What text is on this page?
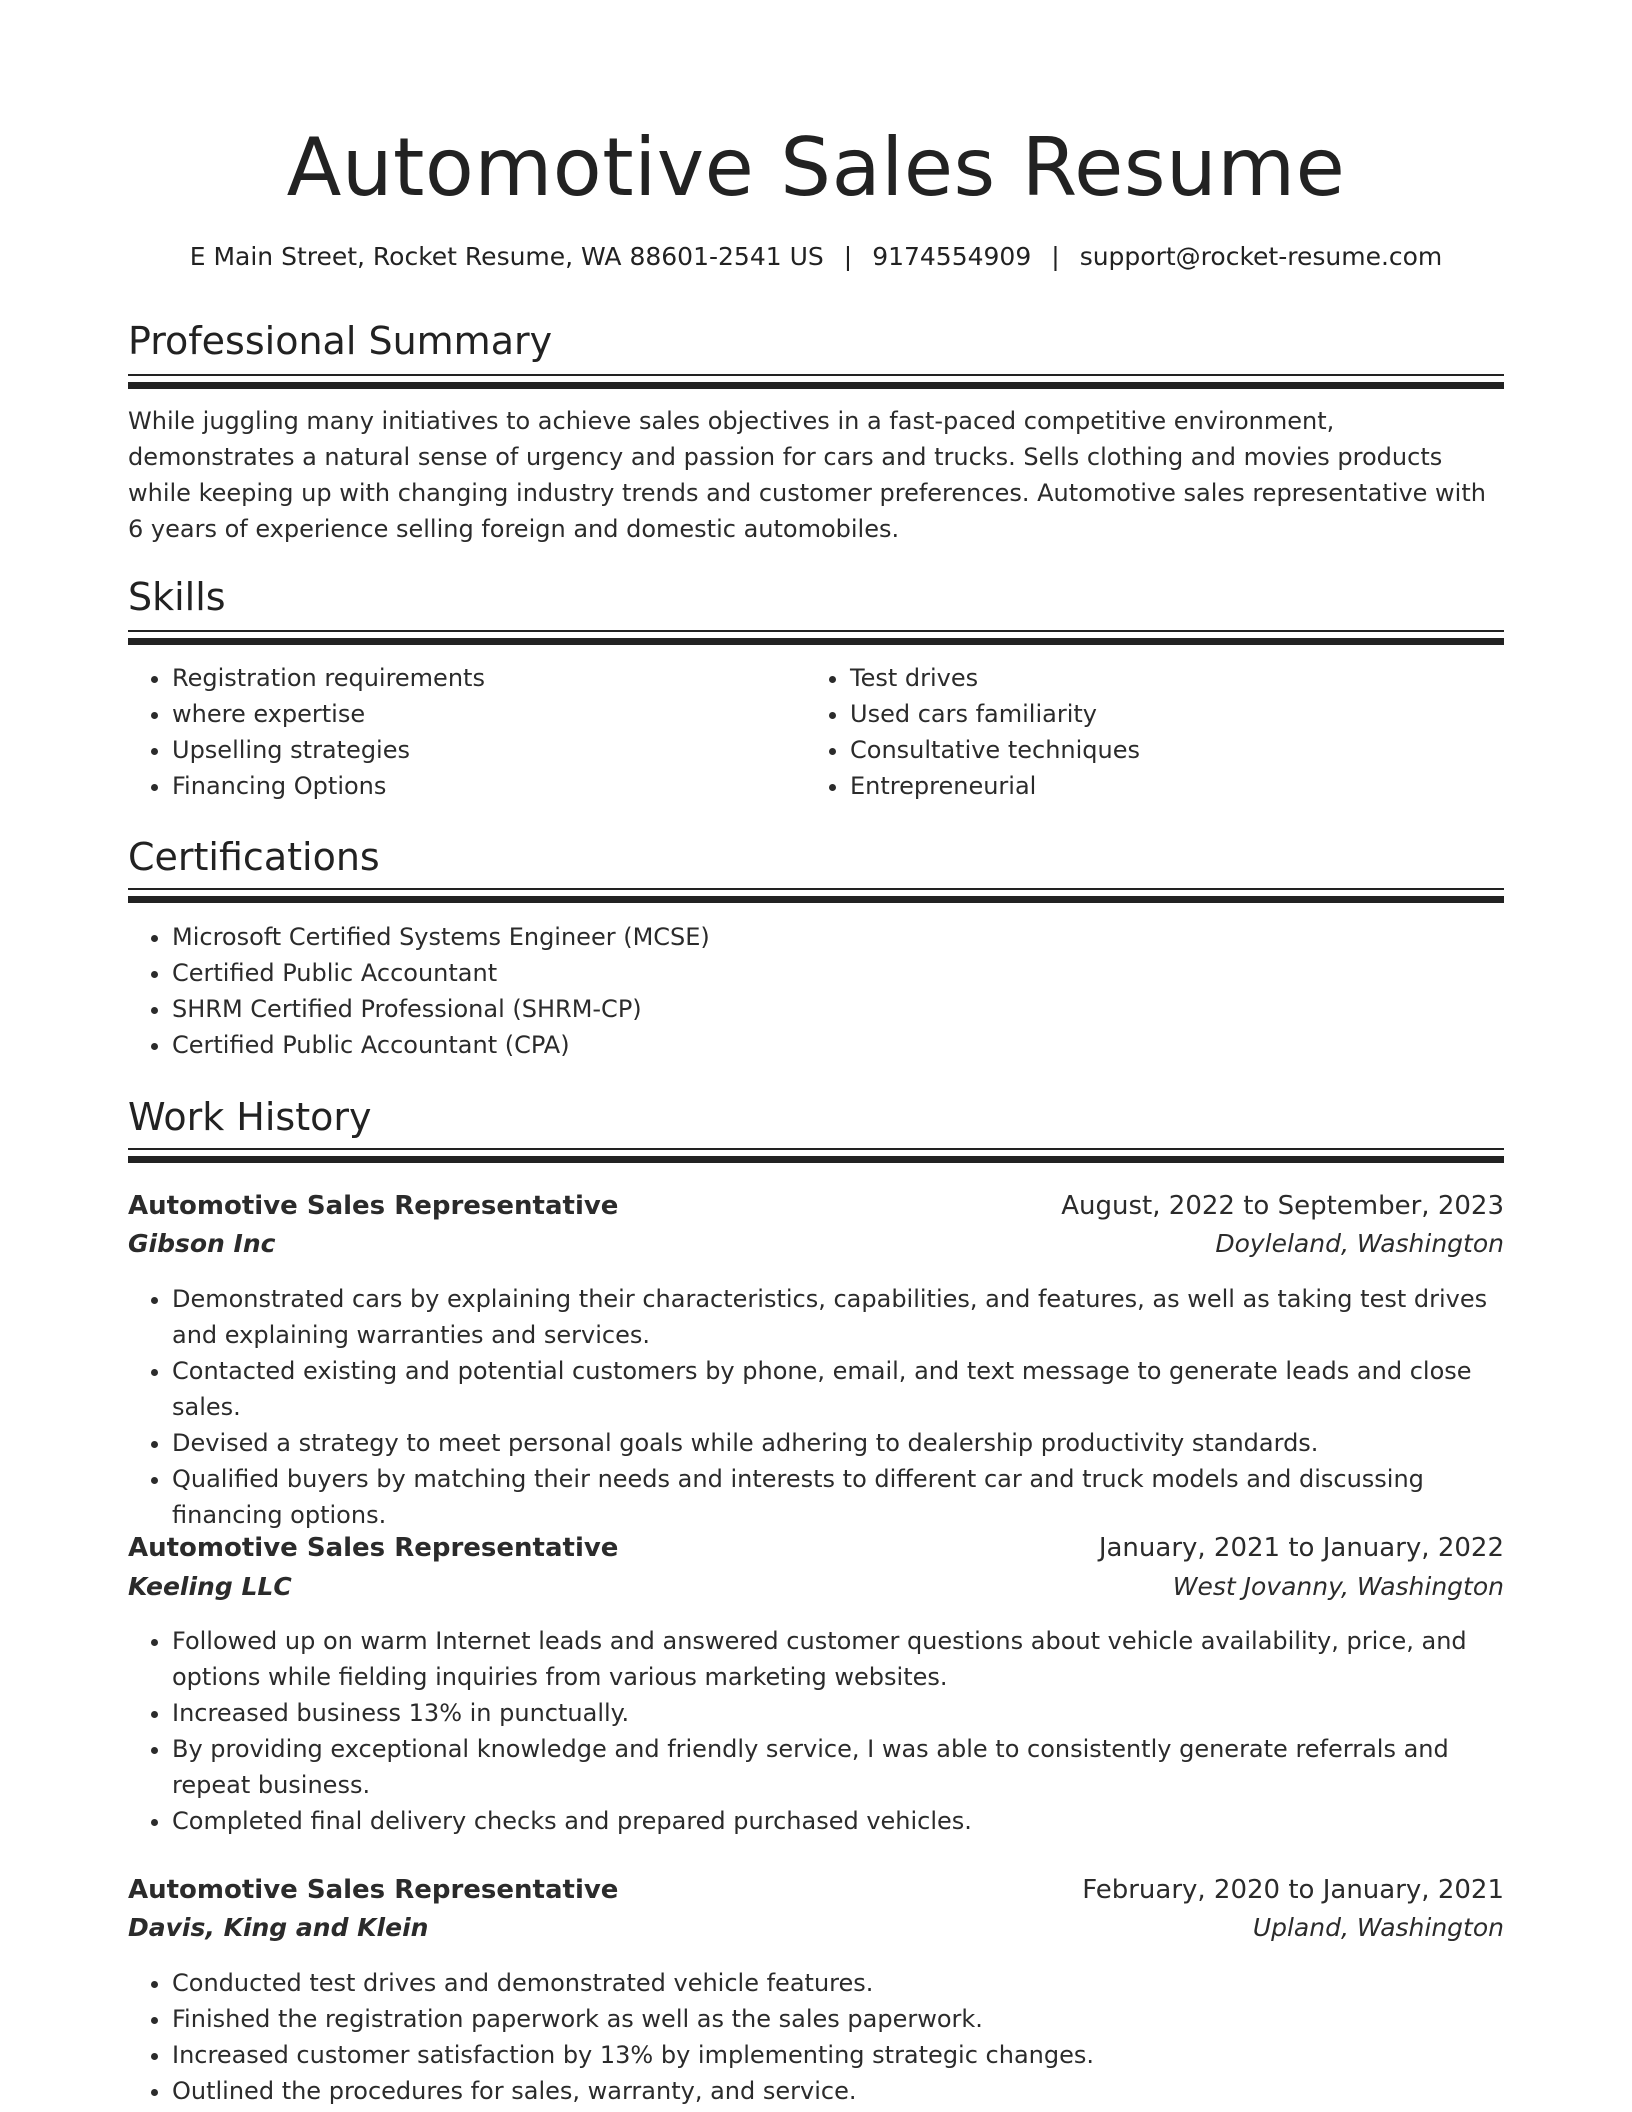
Automotive Sales Resume
E Main Street, Rocket Resume, WA 88601-2541 US | 9174554909 | support@rocket-resume.com
Professional Summary

While juggling many initiatives to achieve sales objectives in a fast-paced competitive environment, demonstrates a natural sense of urgency and passion for cars and trucks. Sells clothing and movies products while keeping up with changing industry trends and customer preferences. Automotive sales representative with 6 years of experience selling foreign and domestic automobiles.

Skills
• Registration requirements
• where expertise
• Upselling strategies
• Financing Options
• Test drives
• Used cars familiarity
• Consultative techniques
• Entrepreneurial
Certifications
• Microsoft Certified Systems Engineer (MCSE)
• Certified Public Accountant
• SHRM Certified Professional (SHRM-CP)
• Certified Public Accountant (CPA)
Work History
Automotive Sales Representative	August, 2022 to September, 2023
Gibson Inc	Doyleland, Washington
• Demonstrated cars by explaining their characteristics, capabilities, and features, as well as taking test drives and explaining warranties and services.
• Contacted existing and potential customers by phone, email, and text message to generate leads and close sales.
• Devised a strategy to meet personal goals while adhering to dealership productivity standards.
• Qualified buyers by matching their needs and interests to different car and truck models and discussing financing options.
Automotive Sales Representative	January, 2021 to January, 2022
Keeling LLC	West Jovanny, Washington
• Followed up on warm Internet leads and answered customer questions about vehicle availability, price, and options while fielding inquiries from various marketing websites.
• Increased business 13% in punctually.
• By providing exceptional knowledge and friendly service, I was able to consistently generate referrals and repeat business.
• Completed final delivery checks and prepared purchased vehicles.
Automotive Sales Representative	February, 2020 to January, 2021
Davis, King and Klein	Upland, Washington
• Conducted test drives and demonstrated vehicle features.
• Finished the registration paperwork as well as the sales paperwork.
• Increased customer satisfaction by 13% by implementing strategic changes.
• Outlined the procedures for sales, warranty, and service.
